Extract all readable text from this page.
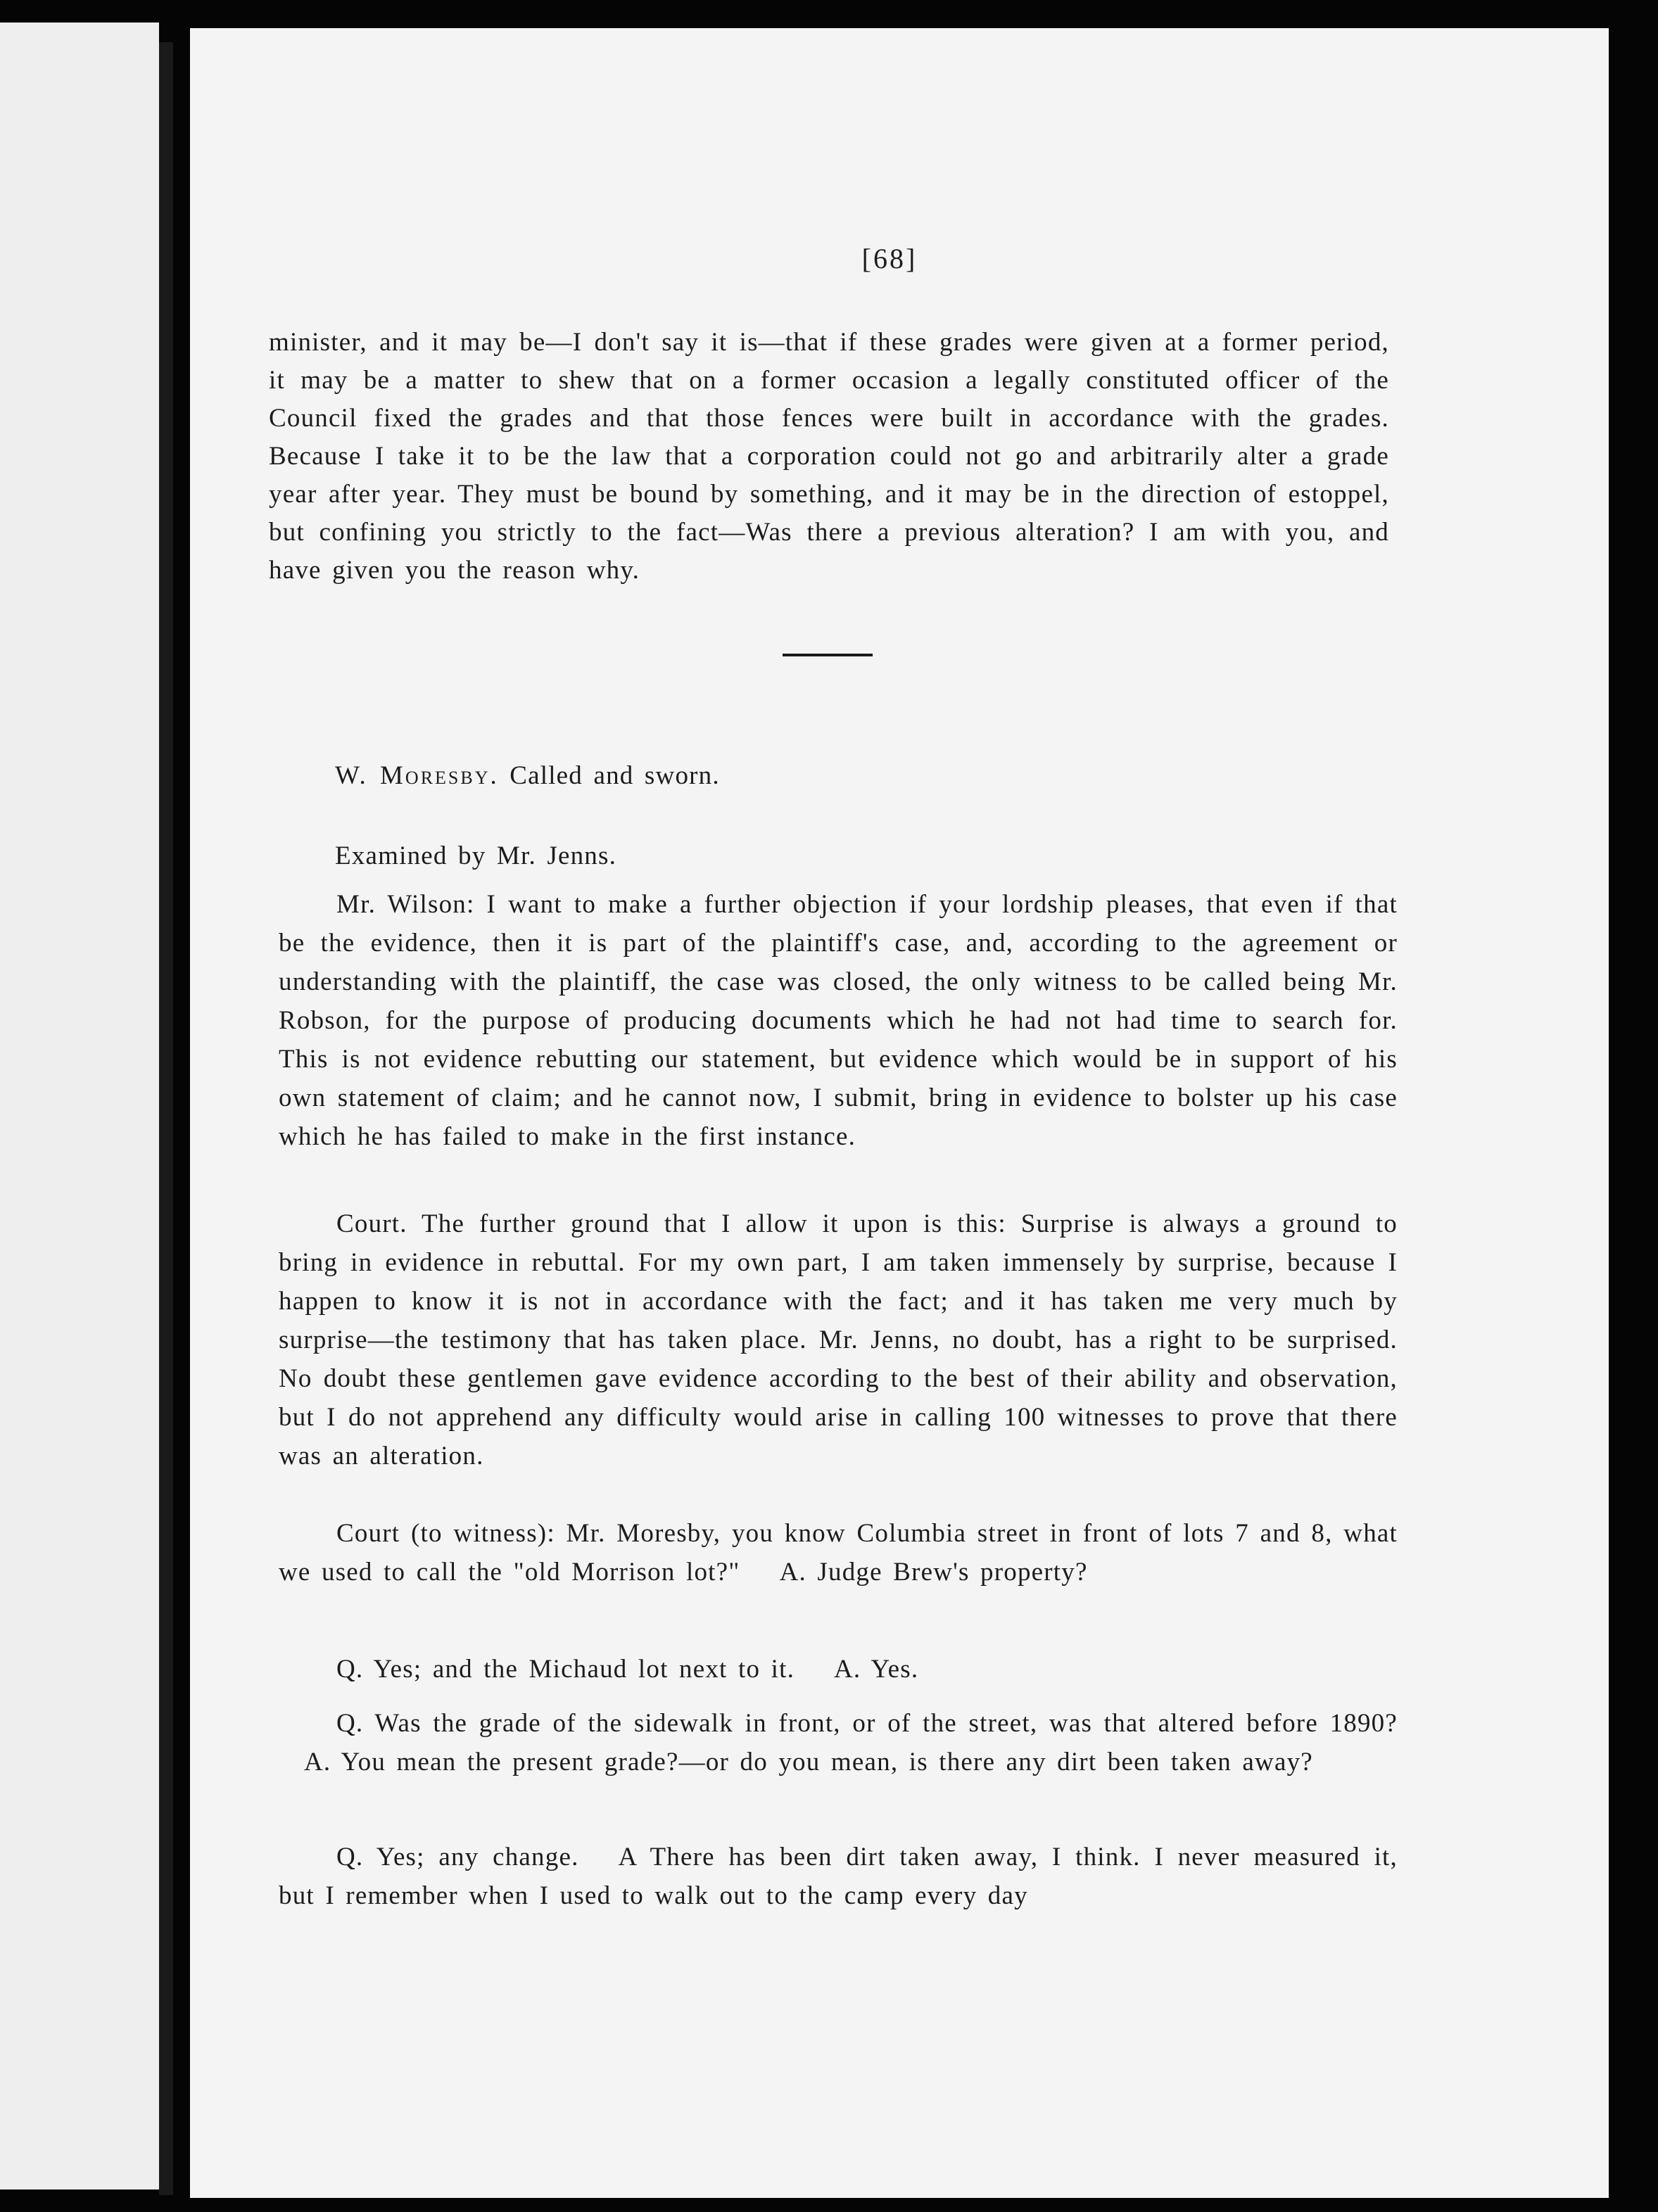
[68]

minister, and it may be—I don't say it is—that if these grades were given at a former period, it may be a matter to shew that on a former occasion a legally constituted officer of the Council fixed the grades and that those fences were built in accordance with the grades. Because I take it to be the law that a corporation could not go and arbitrarily alter a grade year after year. They must be bound by something, and it may be in the direction of estoppel, but confining you strictly to the fact—Was there a previous alteration? I am with you, and have given you the reason why.

W. Moresby. Called and sworn.

Examined by Mr. Jenns.

Mr. Wilson: I want to make a further objection if your lordship pleases, that even if that be the evidence, then it is part of the plaintiff's case, and, according to the agreement or understanding with the plaintiff, the case was closed, the only witness to be called being Mr. Robson, for the purpose of producing documents which he had not had time to search for. This is not evidence rebutting our statement, but evidence which would be in support of his own statement of claim; and he cannot now, I submit, bring in evidence to bolster up his case which he has failed to make in the first instance.

Court. The further ground that I allow it upon is this: Surprise is always a ground to bring in evidence in rebuttal. For my own part, I am taken immensely by surprise, because I happen to know it is not in accordance with the fact; and it has taken me very much by surprise—the testimony that has taken place. Mr. Jenns, no doubt, has a right to be surprised. No doubt these gentlemen gave evidence according to the best of their ability and observation, but I do not apprehend any difficulty would arise in calling 100 witnesses to prove that there was an alteration.

Court (to witness): Mr. Moresby, you know Columbia street in front of lots 7 and 8, what we used to call the "old Morrison lot?" A. Judge Brew's property?

Q. Yes; and the Michaud lot next to it. A. Yes.

Q. Was the grade of the sidewalk in front, or of the street, was that altered before 1890?A. You mean the present grade?—or do you mean, is there any dirt been taken away?

Q. Yes; any change. A There has been dirt taken away, I think. I never measured it, but I remember when I used to walk out to the camp every day
